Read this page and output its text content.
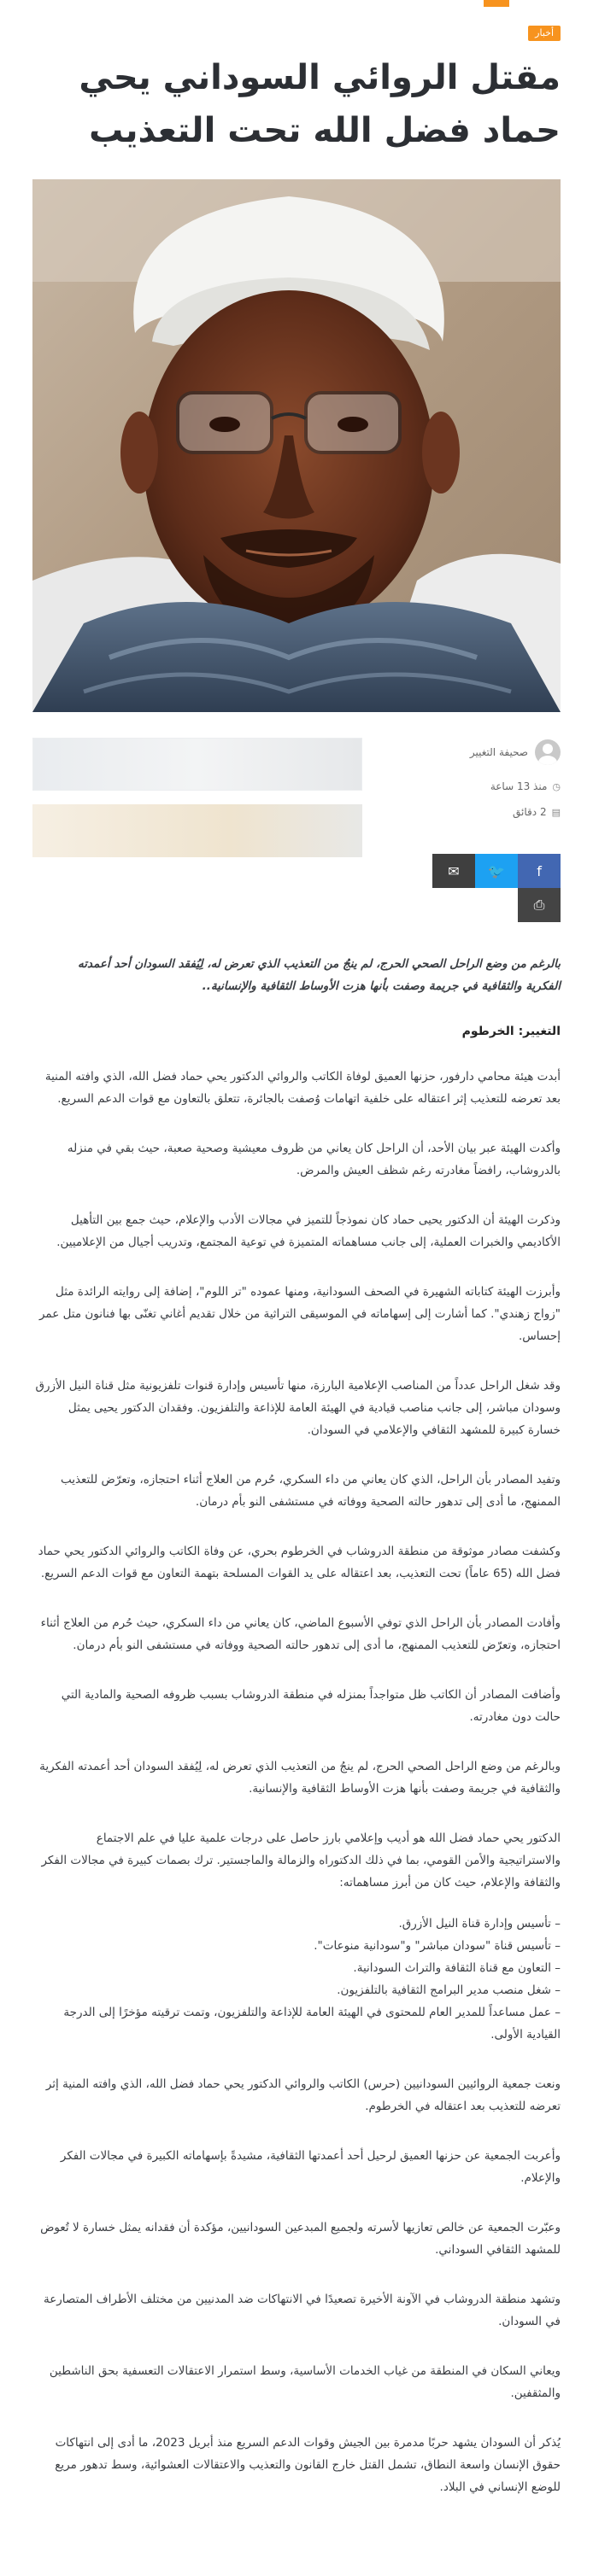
أخبار
مقتل الروائي السوداني يحي حماد فضل الله تحت التعذيب
صحيفة التغيير
◷
منذ 13 ساعة
▤
2 دقائق
f
🐦
✉
⎙

بالرغم من وضع الراحل الصحي الحرج، لم ينجُ من التعذيب الذي تعرض له، لِيُفقد السودان أحد أعمدته الفكرية والثقافية في جريمة وصفت بأنها هزت الأوساط الثقافية والإنسانية..

التغيير: الخرطوم

أبدت هيئة محامي دارفور، حزنها العميق لوفاة الكاتب والروائي الدكتور يحي حماد فضل الله، الذي وافته المنية بعد تعرضه للتعذيب إثر اعتقاله على خلفية اتهامات وُصفت بالجائرة، تتعلق بالتعاون مع قوات الدعم السريع.

وأكدت الهيئة عبر بيان الأحد، أن الراحل كان يعاني من ظروف معيشية وصحية صعبة، حيث بقي في منزله بالدروشاب، رافضاً مغادرته رغم شظف العيش والمرض.

وذكرت الهيئة أن الدكتور يحيى حماد كان نموذجاً للتميز في مجالات الأدب والإعلام، حيث جمع بين التأهيل الأكاديمي والخبرات العملية، إلى جانب مساهماته المتميزة في توعية المجتمع، وتدريب أجيال من الإعلاميين.

وأبرزت الهيئة كتاباته الشهيرة في الصحف السودانية، ومنها عموده "تر اللوم"، إضافة إلى روايته الرائدة مثل "زواج زهندي". كما أشارت إلى إسهاماته في الموسيقى التراثية من خلال تقديم أغاني تغنّى بها فنانون متل عمر إحساس.

وقد شغل الراحل عدداً من المناصب الإعلامية البارزة، منها تأسيس وإدارة قنوات تلفزيونية مثل قناة النيل الأزرق وسودان مباشر، إلى جانب مناصب قيادية في الهيئة العامة للإذاعة والتلفزيون. وفقدان الدكتور يحيى يمثل خسارة كبيرة للمشهد الثقافي والإعلامي في السودان.

وتفيد المصادر بأن الراحل، الذي كان يعاني من داء السكري، حُرم من العلاج أثناء احتجازه، وتعرّض للتعذيب الممنهج، ما أدى إلى تدهور حالته الصحية ووفاته في مستشفى النو بأم درمان.

وكشفت مصادر موثوقة من منطقة الدروشاب في الخرطوم بحري، عن وفاة الكاتب والروائي الدكتور يحي حماد فضل الله (65 عاماً) تحت التعذيب، بعد اعتقاله على يد القوات المسلحة بتهمة التعاون مع قوات الدعم السريع.

وأفادت المصادر بأن الراحل الذي توفي الأسبوع الماضي، كان يعاني من داء السكري، حيث حُرم من العلاج أثناء احتجازه، وتعرّض للتعذيب الممنهج، ما أدى إلى تدهور حالته الصحية ووفاته في مستشفى النو بأم درمان.

وأضافت المصادر أن الكاتب ظل متواجداً بمنزله في منطقة الدروشاب بسبب ظروفه الصحية والمادية التي حالت دون مغادرته.

وبالرغم من وضع الراحل الصحي الحرج، لم ينجُ من التعذيب الذي تعرض له، لِيُفقد السودان أحد أعمدته الفكرية والثقافية في جريمة وصفت بأنها هزت الأوساط الثقافية والإنسانية.

الدكتور يحي حماد فضل الله هو أديب وإعلامي بارز حاصل على درجات علمية عليا في علم الاجتماع والاستراتيجية والأمن القومي، بما في ذلك الدكتوراه والزمالة والماجستير. ترك بصمات كبيرة في مجالات الفكر والثقافة والإعلام، حيث كان من أبرز مساهماته:

– تأسيس وإدارة قناة النيل الأزرق.
– تأسيس قناة "سودان مباشر" و"سودانية منوعات".
– التعاون مع قناة الثقافة والتراث السودانية.
– شغل منصب مدير البرامج الثقافية بالتلفزيون.
– عمل مساعداً للمدير العام للمحتوى في الهيئة العامة للإذاعة والتلفزيون، وتمت ترقيته مؤخرًا إلى الدرجة القيادية الأولى.

ونعت جمعية الروائيين السودانيين (حرس) الكاتب والروائي الدكتور يحي حماد فضل الله، الذي وافته المنية إثر تعرضه للتعذيب بعد اعتقاله في الخرطوم.

وأعربت الجمعية عن حزنها العميق لرحيل أحد أعمدتها الثقافية، مشيدةً بإسهاماته الكبيرة في مجالات الفكر والإعلام.

وعبّرت الجمعية عن خالص تعازيها لأسرته ولجميع المبدعين السودانيين، مؤكدة أن فقدانه يمثل خسارة لا تُعوض للمشهد الثقافي السوداني.

وتشهد منطقة الدروشاب في الآونة الأخيرة تصعيدًا في الانتهاكات ضد المدنيين من مختلف الأطراف المتصارعة في السودان.

ويعاني السكان في المنطقة من غياب الخدمات الأساسية، وسط استمرار الاعتقالات التعسفية بحق الناشطين والمثقفين.

يُذكر أن السودان يشهد حربًا مدمرة بين الجيش وقوات الدعم السريع منذ أبريل 2023، ما أدى إلى انتهاكات حقوق الإنسان واسعة النطاق، تشمل القتل خارج القانون والتعذيب والاعتقالات العشوائية، وسط تدهور مريع للوضع الإنساني في البلاد.
